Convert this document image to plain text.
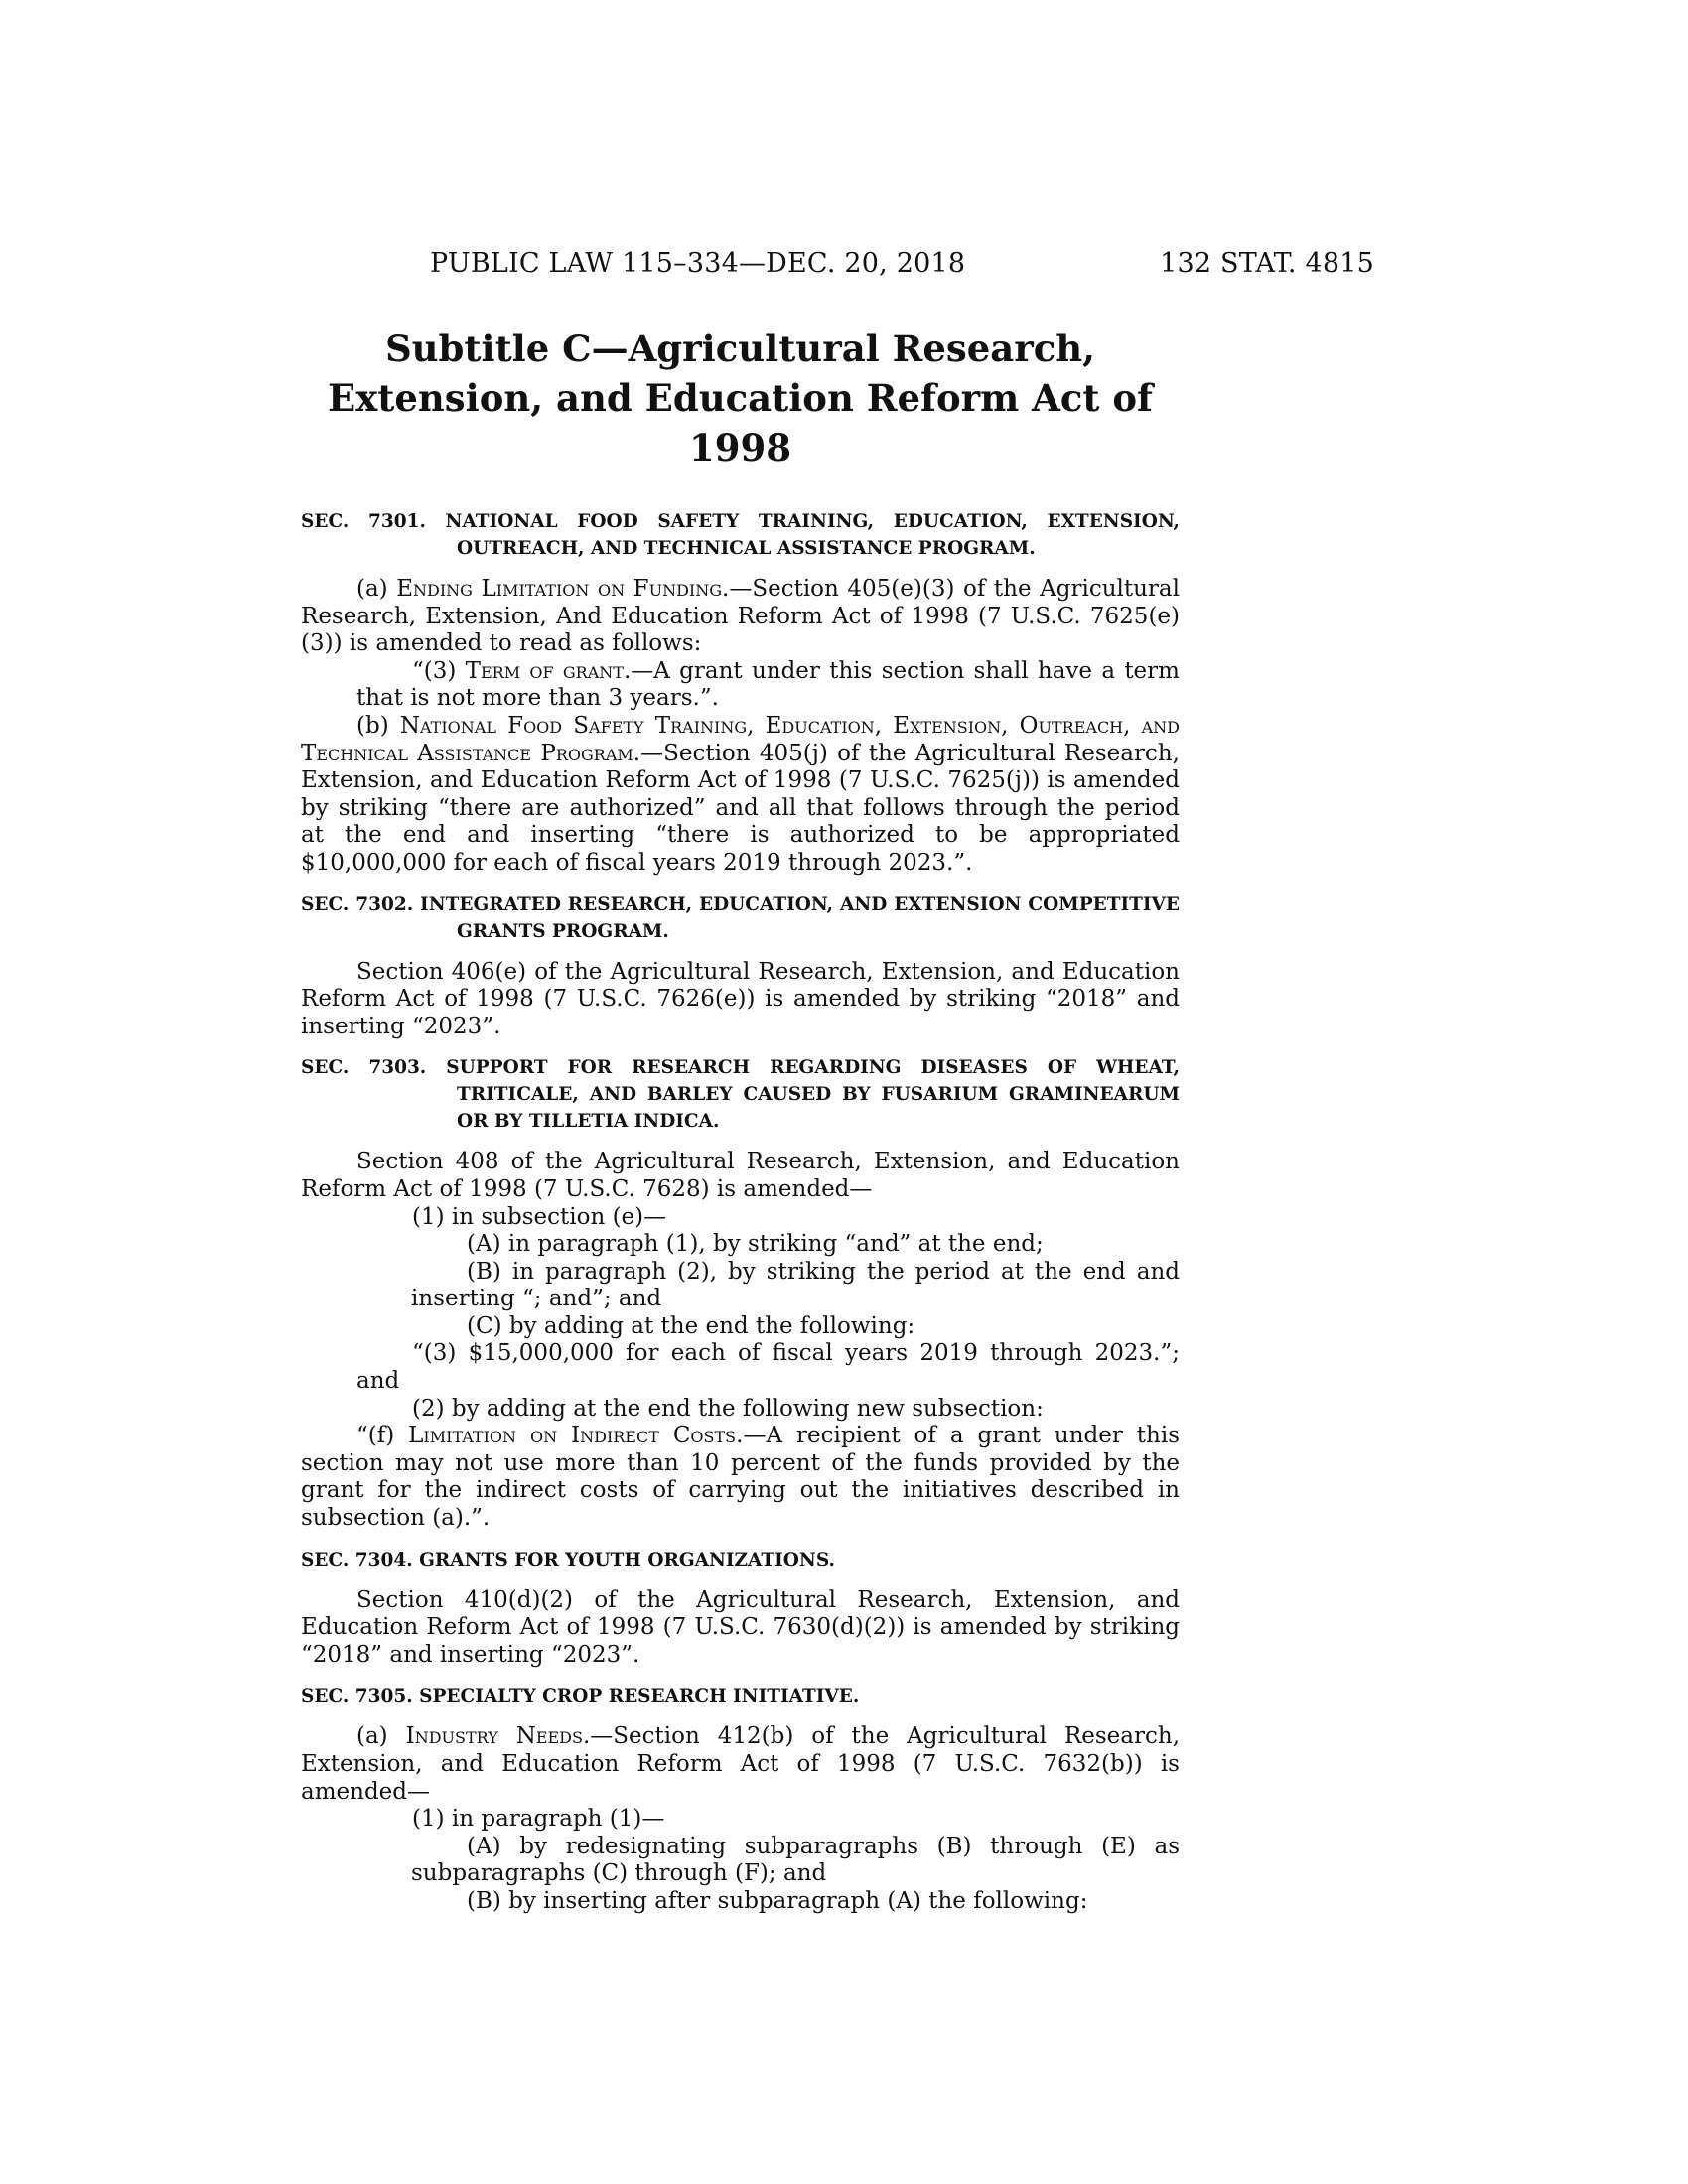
PUBLIC LAW 115–334—DEC. 20, 2018	132 STAT. 4815
Subtitle C—Agricultural Research, Extension, and Education Reform Act of 1998

SEC. 7301. NATIONAL FOOD SAFETY TRAINING, EDUCATION, EXTENSION, OUTREACH, AND TECHNICAL ASSISTANCE PROGRAM.

(a) Ending Limitation on Funding.—Section 405(e)(3) of the Agricultural Research, Extension, And Education Reform Act of 1998 (7 U.S.C. 7625(e)(3)) is amended to read as follows:

“(3) Term of grant.—A grant under this section shall have a term that is not more than 3 years.”.

(b) National Food Safety Training, Education, Extension, Outreach, and Technical Assistance Program.—Section 405(j) of the Agricultural Research, Extension, and Education Reform Act of 1998 (7 U.S.C. 7625(j)) is amended by striking “there are authorized” and all that follows through the period at the end and inserting “there is authorized to be appropriated $10,000,000 for each of fiscal years 2019 through 2023.”.

SEC. 7302. INTEGRATED RESEARCH, EDUCATION, AND EXTENSION COMPETITIVE GRANTS PROGRAM.

Section 406(e) of the Agricultural Research, Extension, and Education Reform Act of 1998 (7 U.S.C. 7626(e)) is amended by striking “2018” and inserting “2023”.

SEC. 7303. SUPPORT FOR RESEARCH REGARDING DISEASES OF WHEAT, TRITICALE, AND BARLEY CAUSED BY FUSARIUM GRAMINEARUM OR BY TILLETIA INDICA.

Section 408 of the Agricultural Research, Extension, and Education Reform Act of 1998 (7 U.S.C. 7628) is amended—

(1) in subsection (e)—

(A) in paragraph (1), by striking “and” at the end;

(B) in paragraph (2), by striking the period at the end and inserting “; and”; and

(C) by adding at the end the following:

“(3) $15,000,000 for each of fiscal years 2019 through 2023.”; and

(2) by adding at the end the following new subsection:

“(f) Limitation on Indirect Costs.—A recipient of a grant under this section may not use more than 10 percent of the funds provided by the grant for the indirect costs of carrying out the initiatives described in subsection (a).”.

SEC. 7304. GRANTS FOR YOUTH ORGANIZATIONS.

Section 410(d)(2) of the Agricultural Research, Extension, and Education Reform Act of 1998 (7 U.S.C. 7630(d)(2)) is amended by striking “2018” and inserting “2023”.

SEC. 7305. SPECIALTY CROP RESEARCH INITIATIVE.

(a) Industry Needs.—Section 412(b) of the Agricultural Research, Extension, and Education Reform Act of 1998 (7 U.S.C. 7632(b)) is amended—

(1) in paragraph (1)—

(A) by redesignating subparagraphs (B) through (E) as subparagraphs (C) through (F); and

(B) by inserting after subparagraph (A) the following:
